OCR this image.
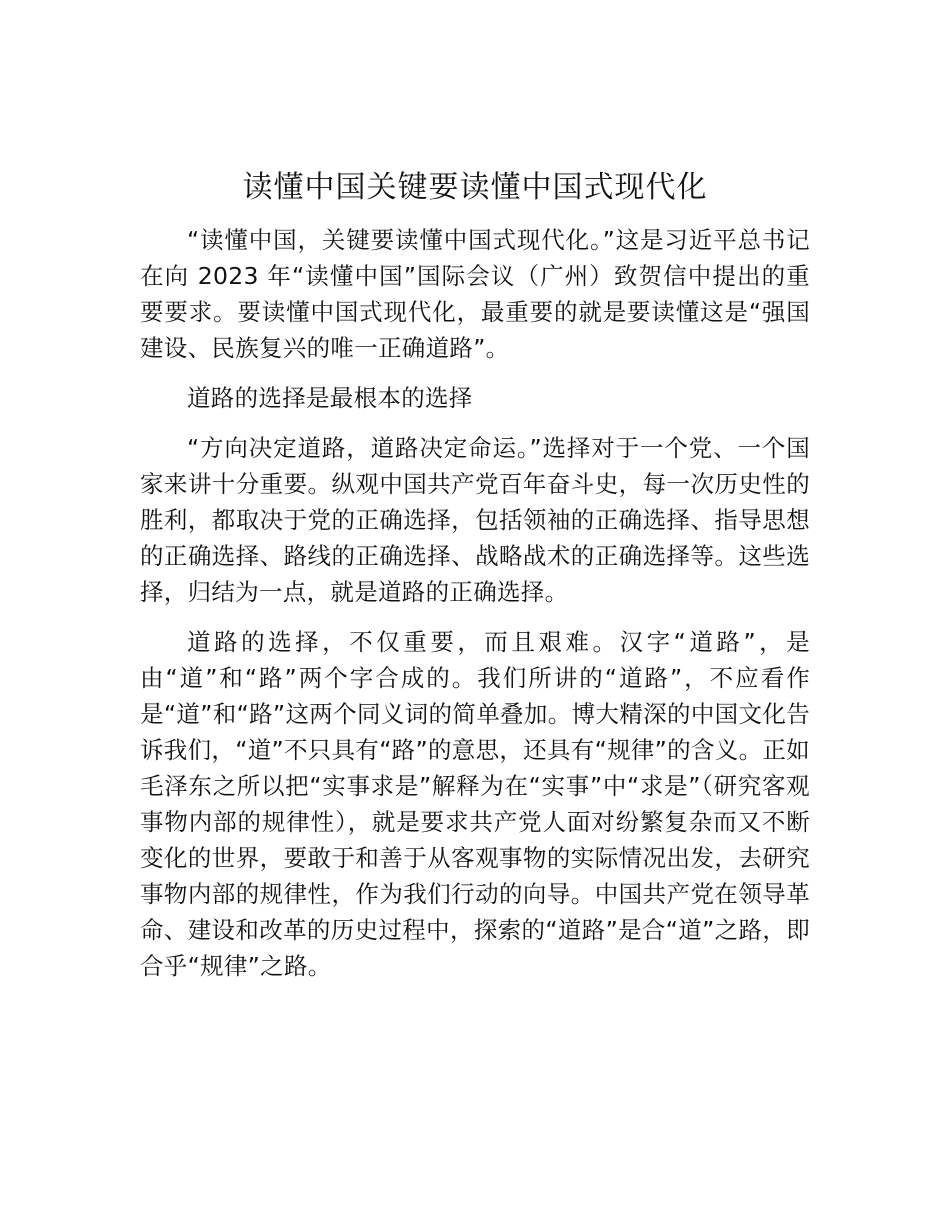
读懂中国关键要读懂中国式现代化

“读懂中国，关键要读懂中国式现代化。”这是习近平总书记在向 2023 年“读懂中国”国际会议（广州）致贺信中提出的重要要求。要读懂中国式现代化，最重要的就是要读懂这是“强国建设、民族复兴的唯一正确道路”。

道路的选择是最根本的选择

“方向决定道路，道路决定命运。”选择对于一个党、一个国家来讲十分重要。纵观中国共产党百年奋斗史，每一次历史性的胜利，都取决于党的正确选择，包括领袖的正确选择、指导思想的正确选择、路线的正确选择、战略战术的正确选择等。这些选择，归结为一点，就是道路的正确选择。

道路的选择，不仅重要，而且艰难。汉字“道路”，是由“道”和“路”两个字合成的。我们所讲的“道路”，不应看作是“道”和“路”这两个同义词的简单叠加。博大精深的中国文化告诉我们，“道”不只具有“路”的意思，还具有“规律”的含义。正如毛泽东之所以把“实事求是”解释为在“实事”中“求是”（研究客观事物内部的规律性），就是要求共产党人面对纷繁复杂而又不断变化的世界，要敢于和善于从客观事物的实际情况出发，去研究事物内部的规律性，作为我们行动的向导。中国共产党在领导革命、建设和改革的历史过程中，探索的“道路”是合“道”之路，即合乎“规律”之路。
